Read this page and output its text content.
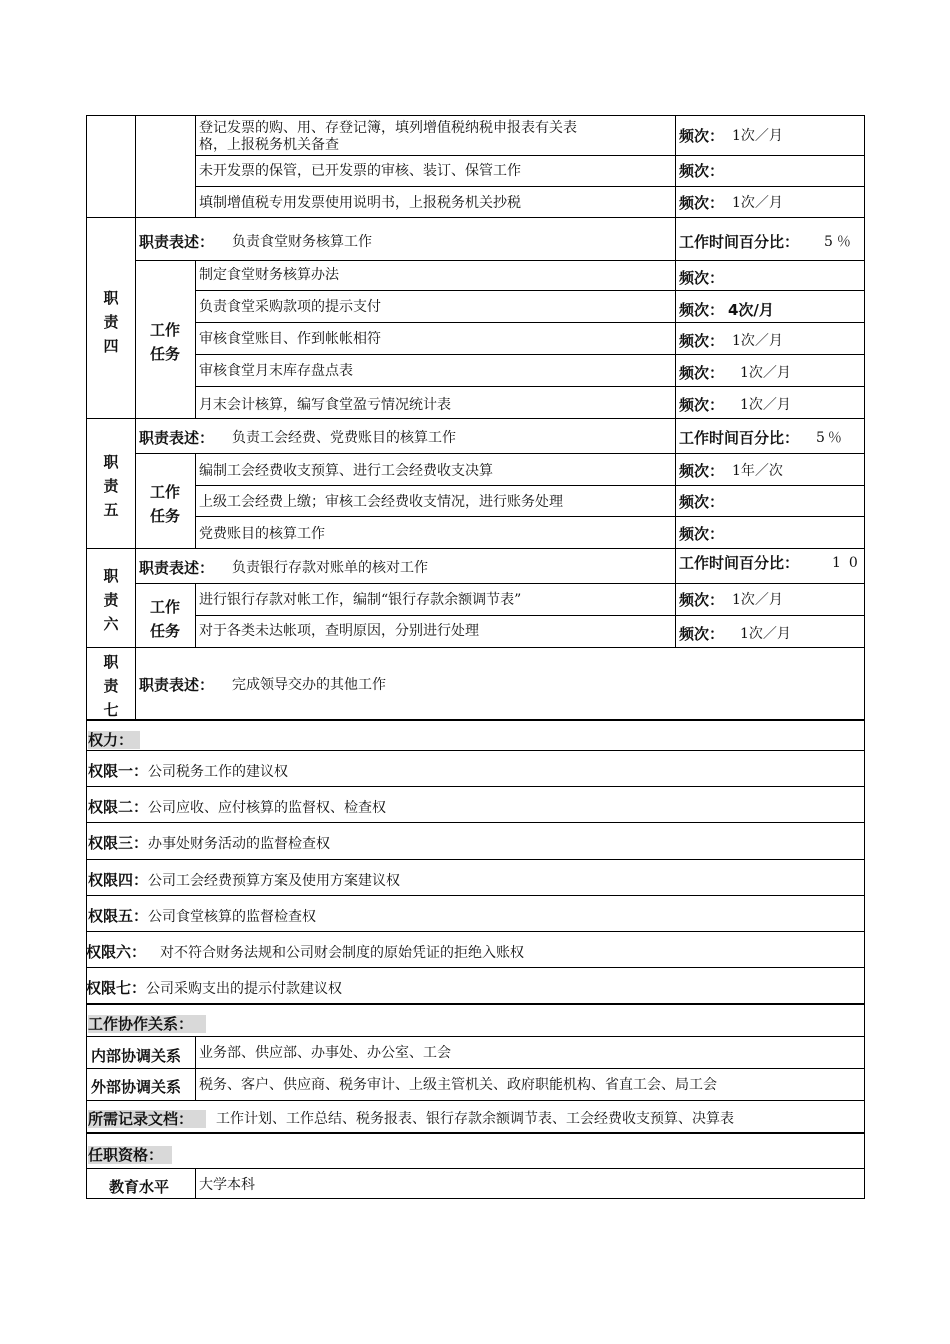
登记发票的购、用、存登记簿，填列增值税纳税申报表有关表
格，上报税务机关备查	频次： 1次／月
未开发票的保管，已开发票的审核、装订、保管工作	频次：
填制增值税专用发票使用说明书，上报税务机关抄税	频次： 1次／月
职
责
四
职责表述： 负责食堂财务核算工作	工作时间百分比： 5％
工作
任务
制定食堂财务核算办法	频次：
负责食堂采购款项的提示支付	频次： 4次/月
审核食堂账目、作到帐帐相符	频次： 1次／月
审核食堂月末库存盘点表	频次： 1次／月
月末会计核算，编写食堂盈亏情况统计表	频次： 1次／月
职
责
五
职责表述： 负责工会经费、党费账目的核算工作	工作时间百分比： 5％
工作
任务
编制工会经费收支预算、进行工会经费收支决算	频次： 1年／次
上级工会经费上缴；审核工会经费收支情况，进行账务处理	频次：
党费账目的核算工作	频次：
职
责
六
职责表述： 负责银行存款对账单的核对工作	工作时间百分比： 10
工作
任务
进行银行存款对帐工作，编制“银行存款余额调节表”	频次： 1次／月
对于各类未达帐项，查明原因，分别进行处理	频次： 1次／月
职
责
七
职责表述： 完成领导交办的其他工作
权力：
权限一：公司税务工作的建议权
权限二：公司应收、应付核算的监督权、检查权
权限三：办事处财务活动的监督检查权
权限四：公司工会经费预算方案及使用方案建议权
权限五：公司食堂核算的监督检查权
权限六： 对不符合财务法规和公司财会制度的原始凭证的拒绝入账权
权限七：公司采购支出的提示付款建议权
工作协作关系：
内部协调关系 业务部、供应部、办事处、办公室、工会
外部协调关系 税务、客户、供应商、税务审计、上级主管机关、政府职能机构、省直工会、局工会
所需记录文档：	工作计划、工作总结、税务报表、银行存款余额调节表、工会经费收支预算、决算表
任职资格：
教育水平 大学本科
